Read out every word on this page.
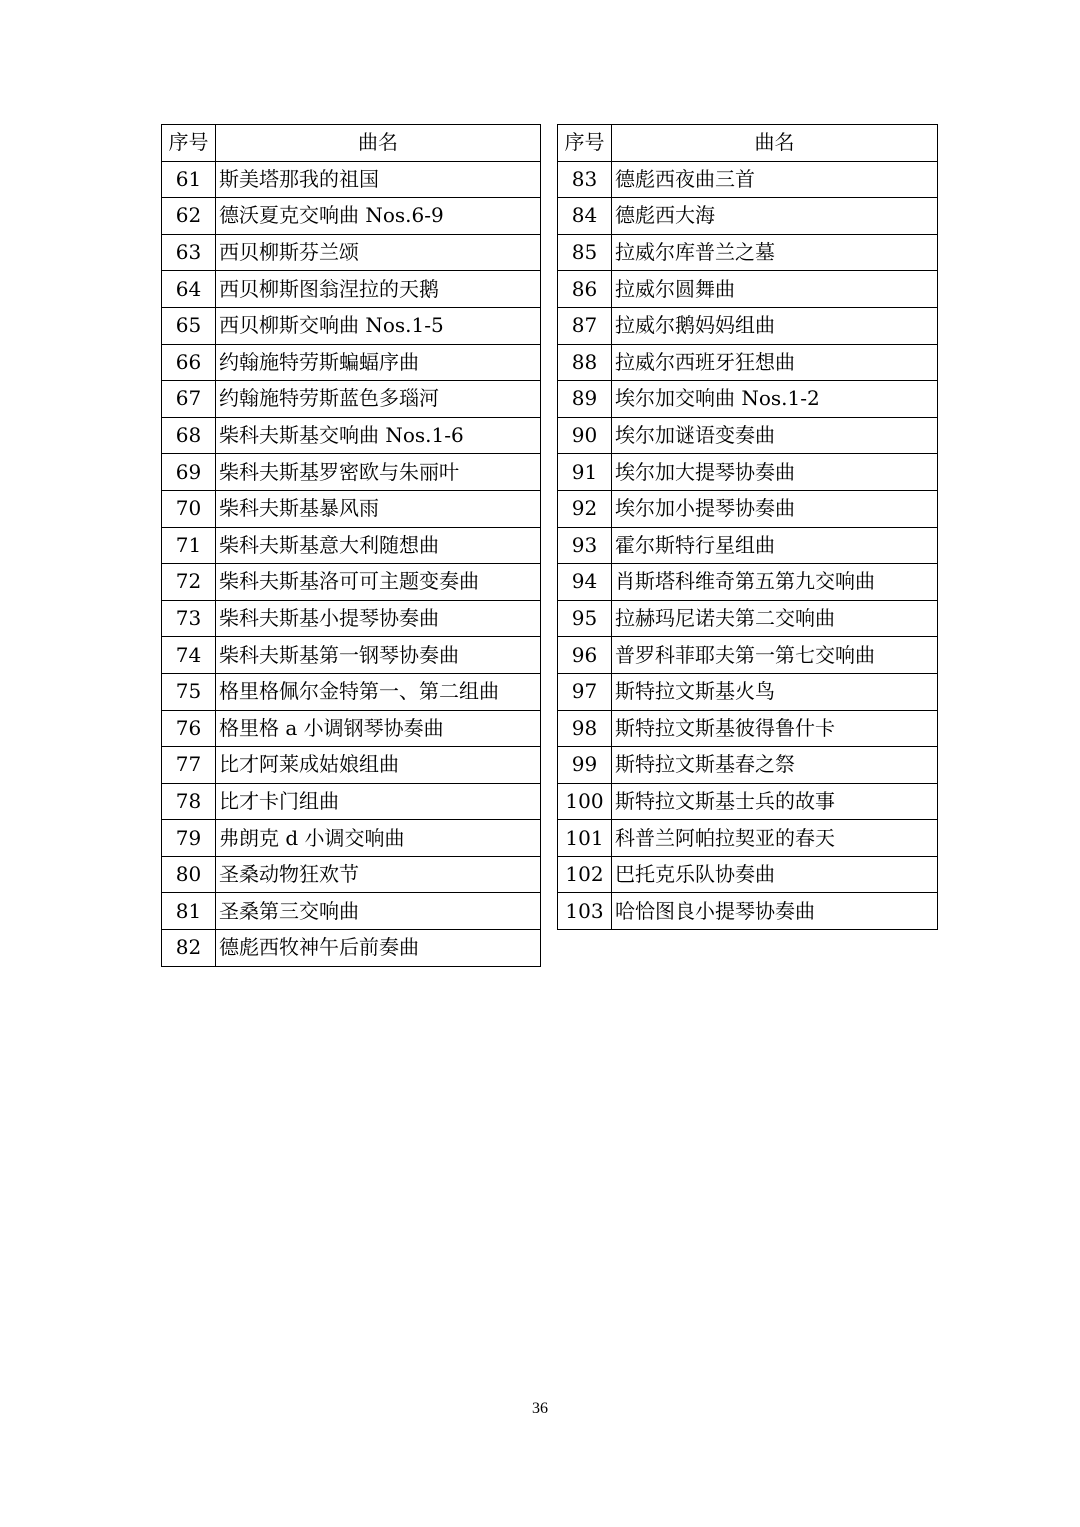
序号	曲名
61	斯美塔那我的祖国
62	德沃夏克交响曲 Nos.6-9
63	西贝柳斯芬兰颂
64	西贝柳斯图翁涅拉的天鹅
65	西贝柳斯交响曲 Nos.1-5
66	约翰施特劳斯蝙蝠序曲
67	约翰施特劳斯蓝色多瑙河
68	柴科夫斯基交响曲 Nos.1-6
69	柴科夫斯基罗密欧与朱丽叶
70	柴科夫斯基暴风雨
71	柴科夫斯基意大利随想曲
72	柴科夫斯基洛可可主题变奏曲
73	柴科夫斯基小提琴协奏曲
74	柴科夫斯基第一钢琴协奏曲
75	格里格佩尔金特第一、第二组曲
76	格里格 a 小调钢琴协奏曲
77	比才阿莱成姑娘组曲
78	比才卡门组曲
79	弗朗克 d 小调交响曲
80	圣桑动物狂欢节
81	圣桑第三交响曲
82	德彪西牧神午后前奏曲
序号	曲名
83	德彪西夜曲三首
84	德彪西大海
85	拉威尔库普兰之墓
86	拉威尔圆舞曲
87	拉威尔鹅妈妈组曲
88	拉威尔西班牙狂想曲
89	埃尔加交响曲 Nos.1-2
90	埃尔加谜语变奏曲
91	埃尔加大提琴协奏曲
92	埃尔加小提琴协奏曲
93	霍尔斯特行星组曲
94	肖斯塔科维奇第五第九交响曲
95	拉赫玛尼诺夫第二交响曲
96	普罗科菲耶夫第一第七交响曲
97	斯特拉文斯基火鸟
98	斯特拉文斯基彼得鲁什卡
99	斯特拉文斯基春之祭
100	斯特拉文斯基士兵的故事
101	科普兰阿帕拉契亚的春天
102	巴托克乐队协奏曲
103	哈恰图良小提琴协奏曲
36
